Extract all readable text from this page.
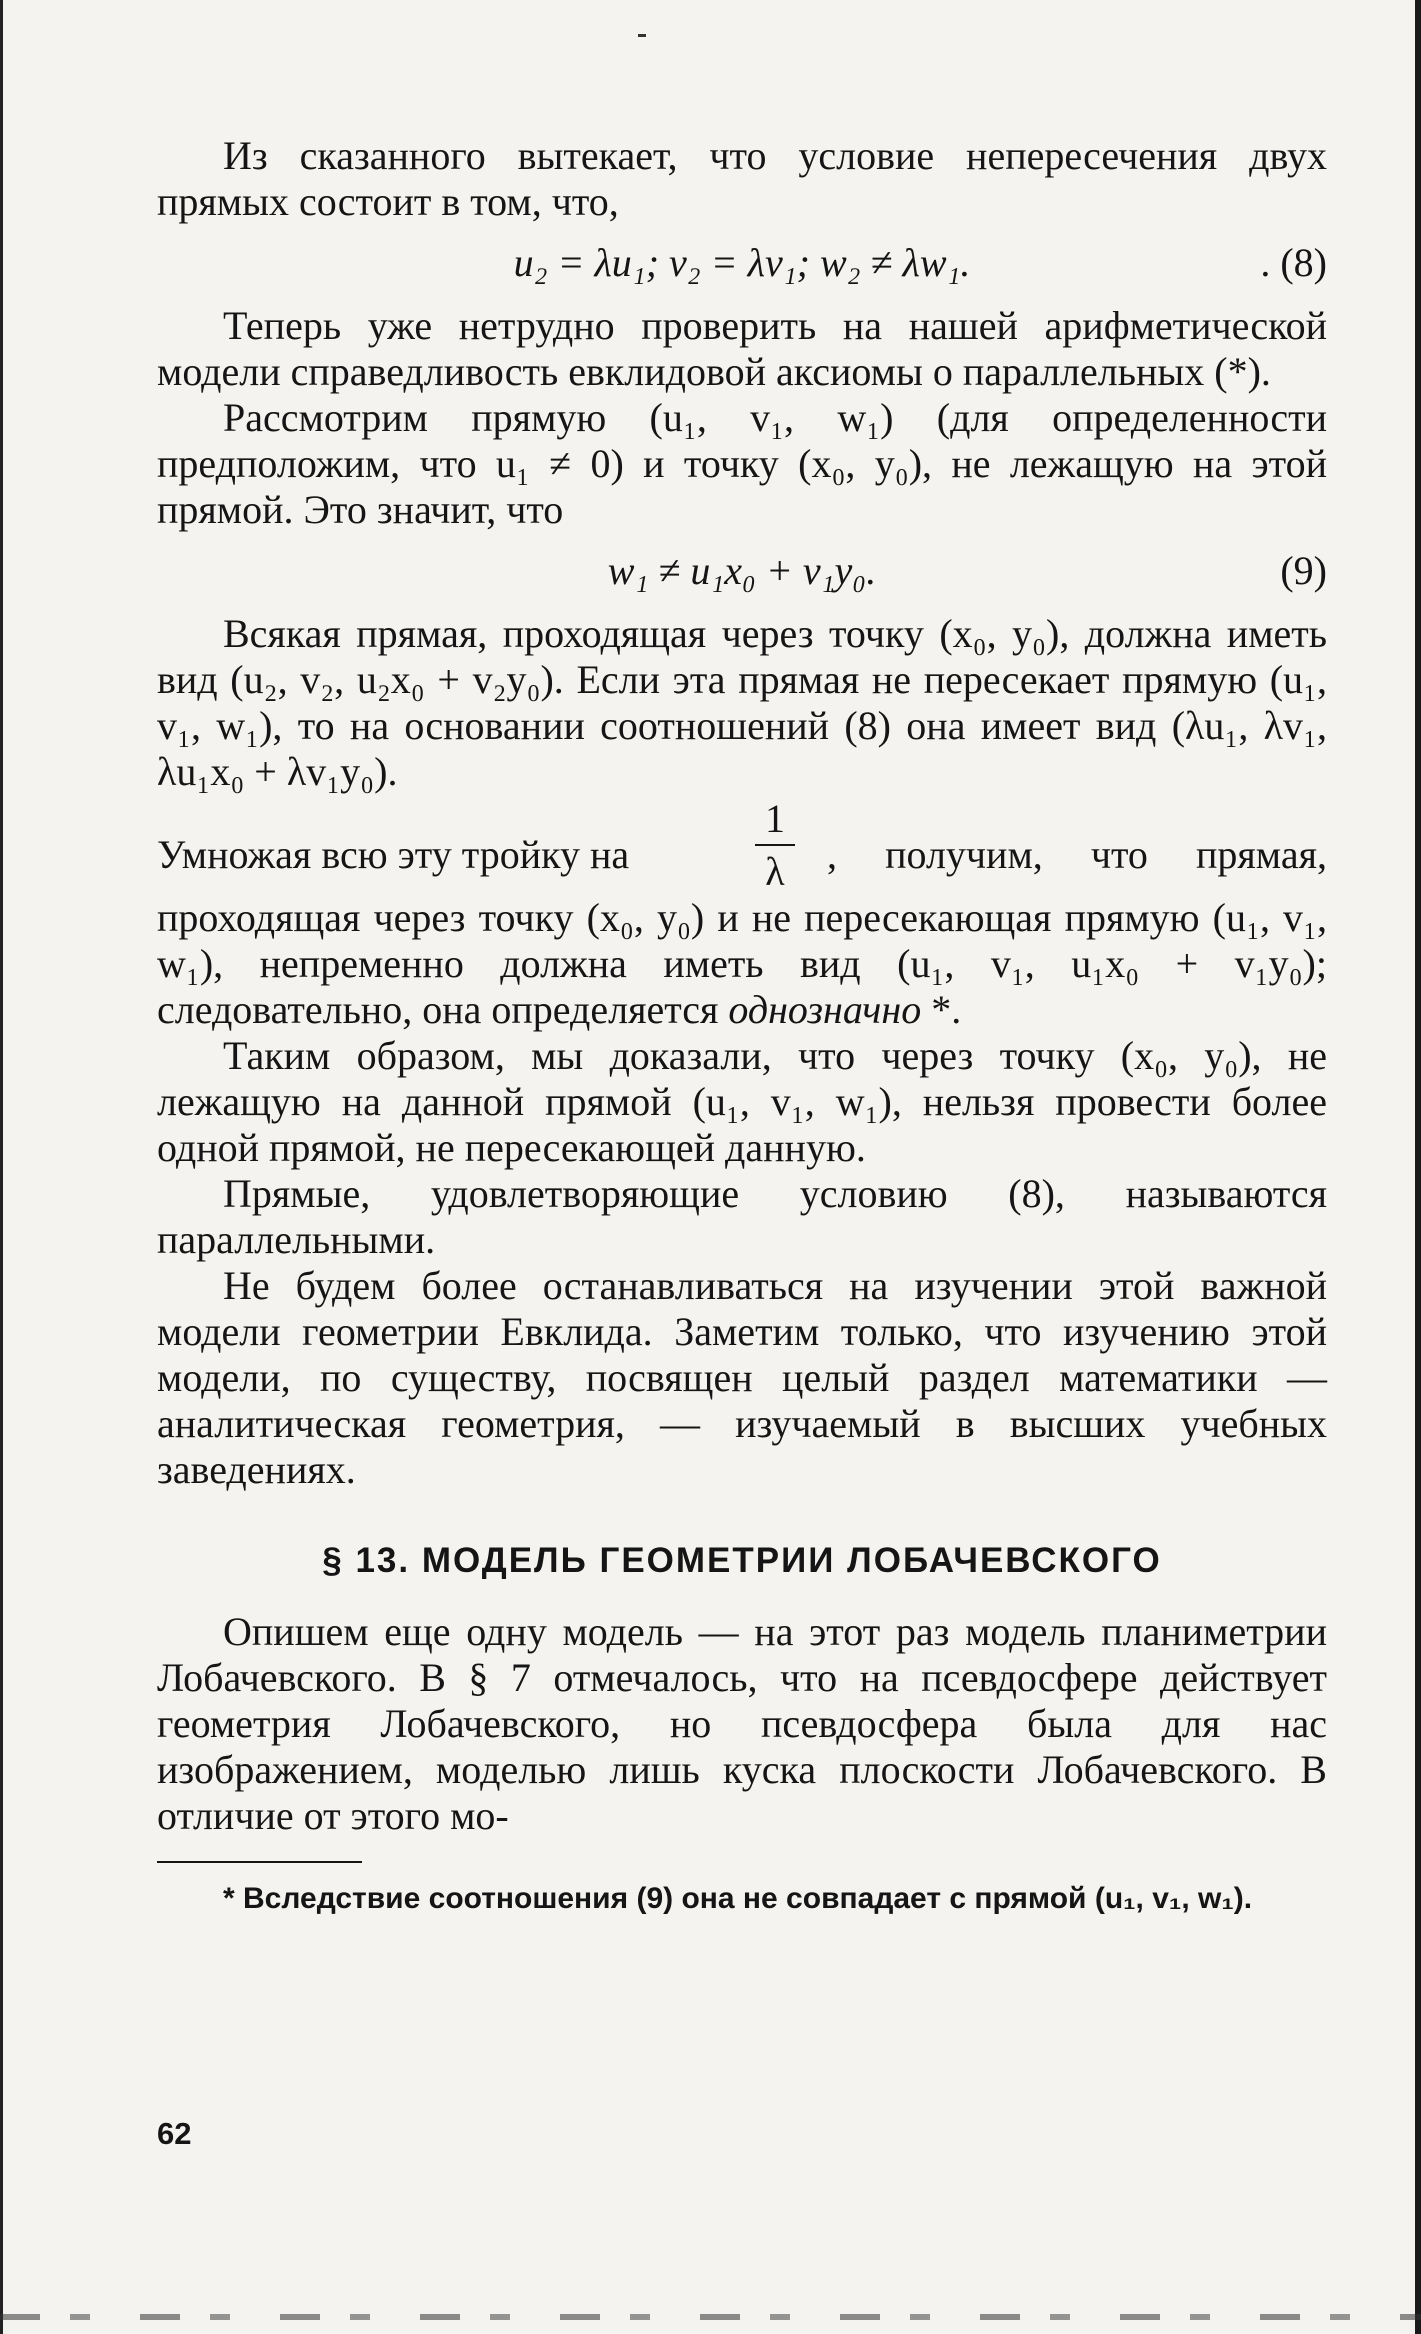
Из сказанного вытекает, что условие непересечения двух прямых состоит в том, что,

u₂ = λu₁; v₂ = λv₁; w₂ ≠ λw₁.	. (8)

Теперь уже нетрудно проверить на нашей арифметической модели справедливость евклидовой аксиомы о параллельных (*).

Рассмотрим прямую (u₁, v₁, w₁) (для определенности предположим, что u₁ ≠ 0) и точку (x₀, y₀), не лежащую на этой прямой. Это значит, что

w₁ ≠ u₁x₀ + v₁y₀.	(9)

Всякая прямая, проходящая через точку (x₀, y₀), должна иметь вид (u₂, v₂, u₂x₀ + v₂y₀). Если эта прямая не пересекает прямую (u₁, v₁, w₁), то на основании соотношений (8) она имеет вид (λu₁, λv₁, λu₁x₀ + λv₁y₀).

Умножая всю эту тройку на
1
λ , получим, что прямая,

проходящая через точку (x₀, y₀) и не пересекающая прямую (u₁, v₁, w₁), непременно должна иметь вид (u₁, v₁, u₁x₀ + v₁y₀); следовательно, она определяется однозначно *.

Таким образом, мы доказали, что через точку (x₀, y₀), не лежащую на данной прямой (u₁, v₁, w₁), нельзя провести более одной прямой, не пересекающей данную.

Прямые, удовлетворяющие условию (8), называются параллельными.

Не будем более останавливаться на изучении этой важной модели геометрии Евклида. Заметим только, что изучению этой модели, по существу, посвящен целый раздел математики — аналитическая геометрия, — изучаемый в высших учебных заведениях.

§ 13. МОДЕЛЬ ГЕОМЕТРИИ ЛОБАЧЕВСКОГО

Опишем еще одну модель — на этот раз модель планиметрии Лобачевского. В § 7 отмечалось, что на псевдосфере действует геометрия Лобачевского, но псевдосфера была для нас изображением, моделью лишь куска плоскости Лобачевского. В отличие от этого мо-

* Вследствие соотношения (9) она не совпадает с прямой (u₁, v₁, w₁).
62
